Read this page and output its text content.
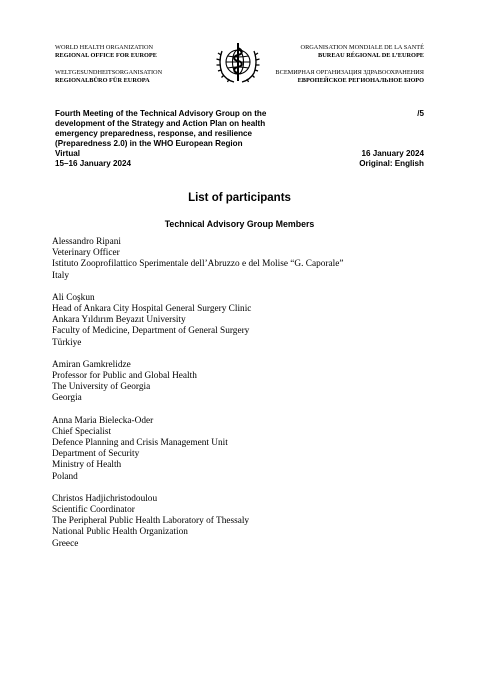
WORLD HEALTH ORGANIZATION
REGIONAL OFFICE FOR EUROPE
WELTGESUNDHEITSORGANISATION
REGIONALBÜRO FÜR EUROPA
ORGANISATION MONDIALE DE LA SANTÉ
BUREAU RÉGIONAL DE L’EUROPE
ВСЕМИРНАЯ ОРГАНИЗАЦИЯ ЗДРАВООХРАНЕНИЯ
ЕВРОПЕЙСКОЕ РЕГИОНАЛЬНОЕ БЮРО
Fourth Meeting of the Technical Advisory Group on the
development of the Strategy and Action Plan on health
emergency preparedness, response, and resilience
(Preparedness 2.0) in the WHO European Region
Virtual
15–16 January 2024
/5
16 January 2024
Original: English
List of participants
Technical Advisory Group Members
Alessandro Ripani
Veterinary Officer
Istituto Zooprofilattico Sperimentale dell’Abruzzo e del Molise “G. Caporale”
Italy
Ali Coşkun
Head of Ankara City Hospital General Surgery Clinic
Ankara Yıldırım Beyazıt University
Faculty of Medicine, Department of General Surgery
Türkiye
Amiran Gamkrelidze
Professor for Public and Global Health
The University of Georgia
Georgia
Anna Maria Bielecka-Oder
Chief Specialist
Defence Planning and Crisis Management Unit
Department of Security
Ministry of Health
Poland
Christos Hadjichristodoulou
Scientific Coordinator
The Peripheral Public Health Laboratory of Thessaly
National Public Health Organization
Greece
